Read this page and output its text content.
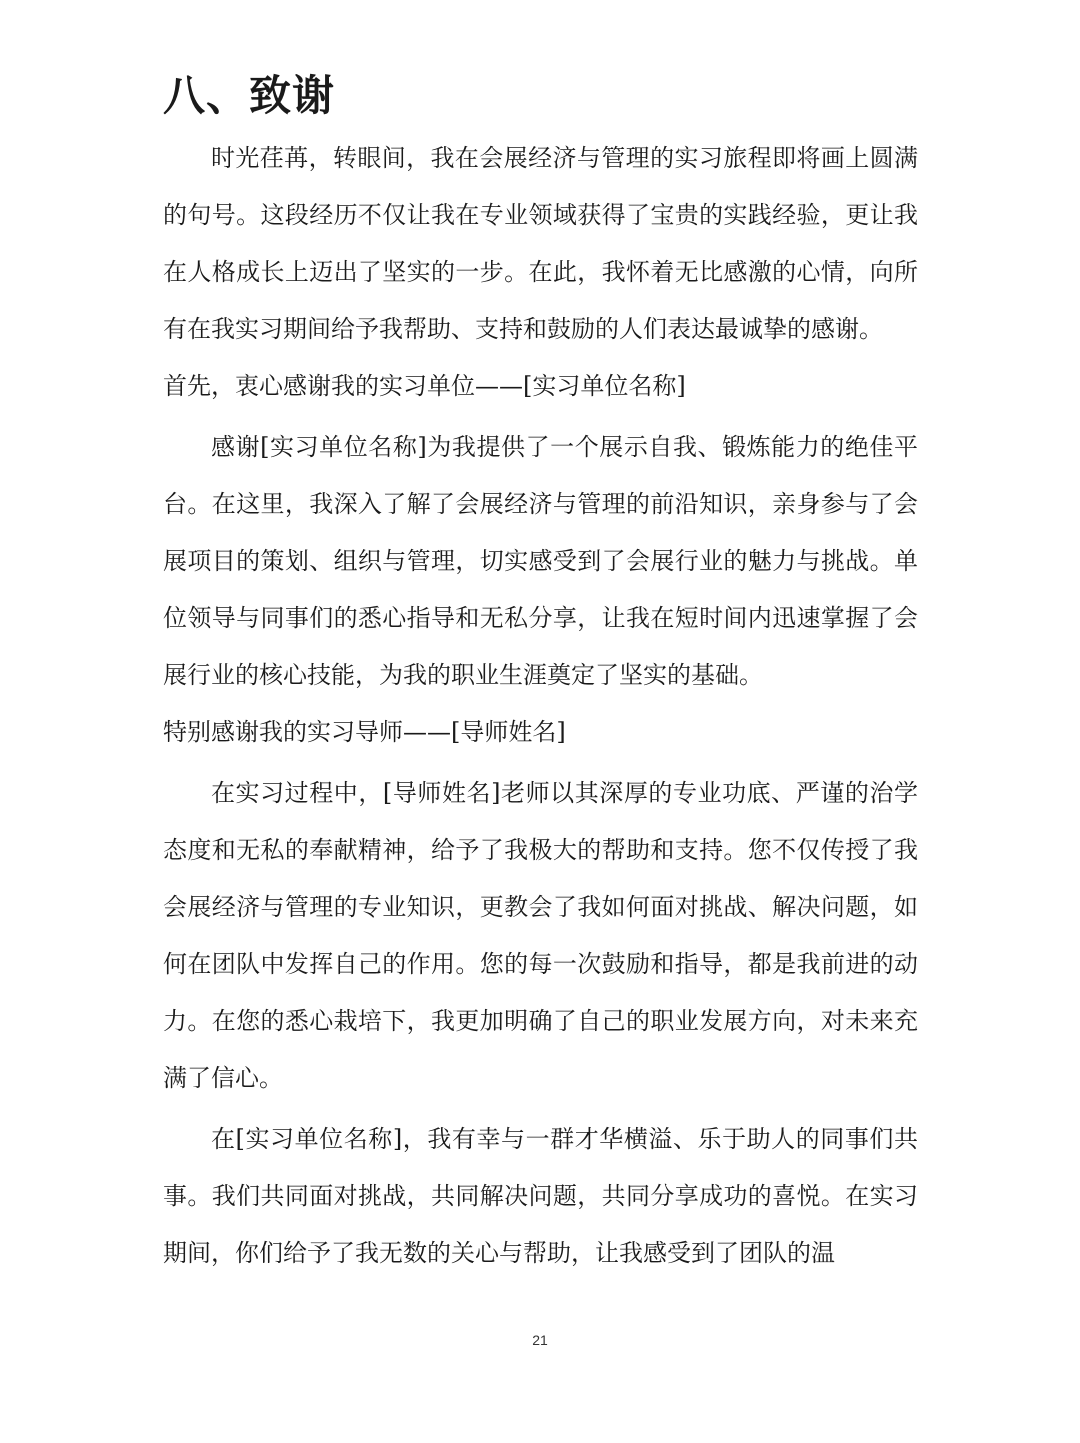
八、致谢

时光荏苒，转眼间，我在会展经济与管理的实习旅程即将画上圆满的句号。这段经历不仅让我在专业领域获得了宝贵的实践经验，更让我在人格成长上迈出了坚实的一步。在此，我怀着无比感激的心情，向所有在我实习期间给予我帮助、支持和鼓励的人们表达最诚挚的感谢。

首先，衷心感谢我的实习单位——[实习单位名称]

感谢[实习单位名称]为我提供了一个展示自我、锻炼能力的绝佳平台。在这里，我深入了解了会展经济与管理的前沿知识，亲身参与了会展项目的策划、组织与管理，切实感受到了会展行业的魅力与挑战。单位领导与同事们的悉心指导和无私分享，让我在短时间内迅速掌握了会展行业的核心技能，为我的职业生涯奠定了坚实的基础。

特别感谢我的实习导师——[导师姓名]

在实习过程中，[导师姓名]老师以其深厚的专业功底、严谨的治学态度和无私的奉献精神，给予了我极大的帮助和支持。您不仅传授了我会展经济与管理的专业知识，更教会了我如何面对挑战、解决问题，如何在团队中发挥自己的作用。您的每一次鼓励和指导，都是我前进的动力。在您的悉心栽培下，我更加明确了自己的职业发展方向，对未来充满了信心。

在[实习单位名称]，我有幸与一群才华横溢、乐于助人的同事们共事。我们共同面对挑战，共同解决问题，共同分享成功的喜悦。在实习期间，你们给予了我无数的关心与帮助，让我感受到了团队的温

21
